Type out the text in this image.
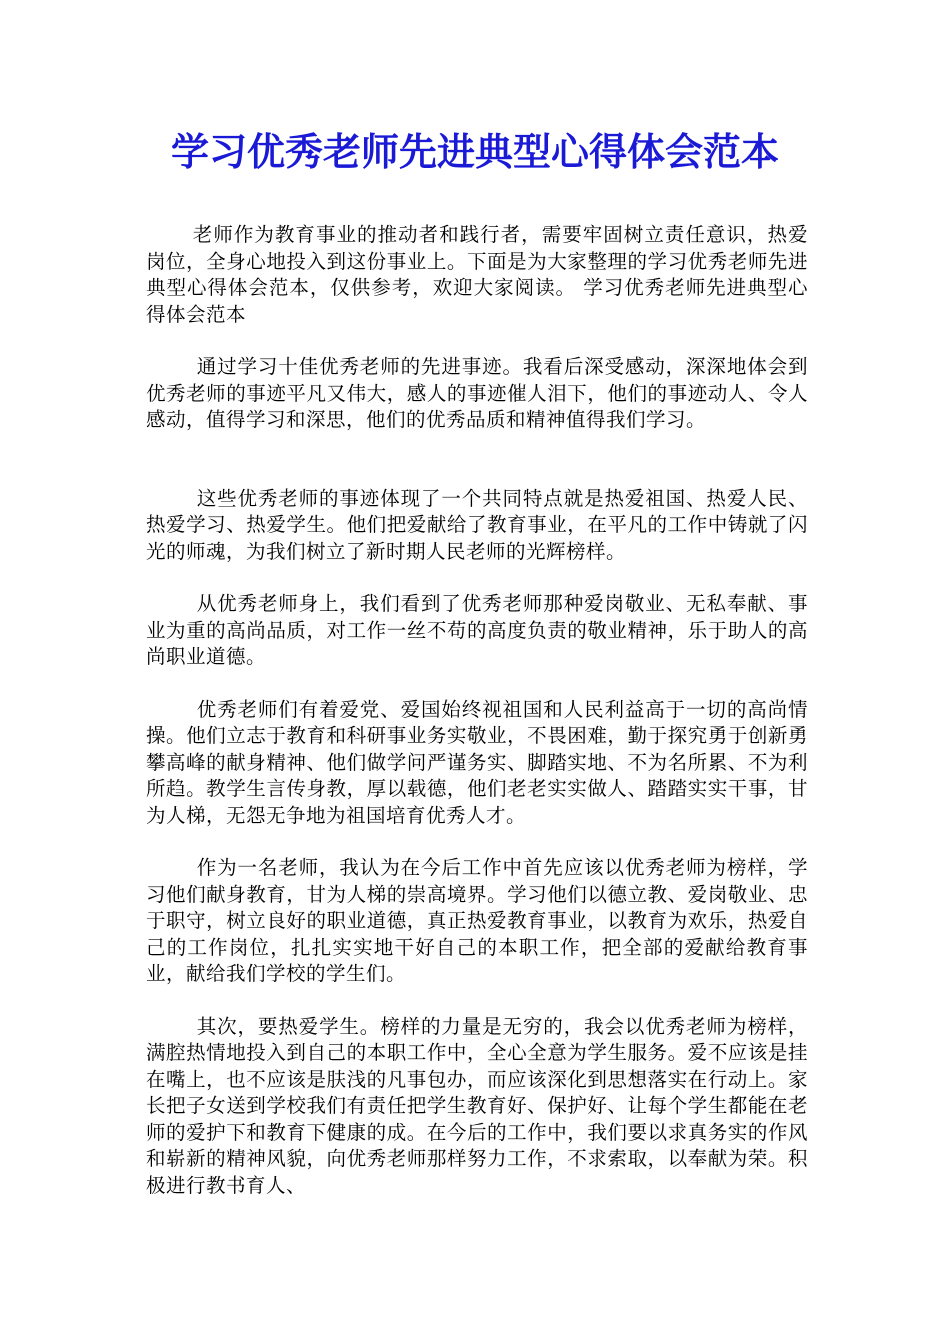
学习优秀老师先进典型心得体会范本

老师作为教育事业的推动者和践行者，需要牢固树立责任意识，热爱岗位，全身心地投入到这份事业上。下面是为大家整理的学习优秀老师先进典型心得体会范本，仅供参考，欢迎大家阅读。 学习优秀老师先进典型心得体会范本

通过学习十佳优秀老师的先进事迹。我看后深受感动，深深地体会到优秀老师的事迹平凡又伟大，感人的事迹催人泪下，他们的事迹动人、令人感动，值得学习和深思，他们的优秀品质和精神值得我们学习。

这些优秀老师的事迹体现了一个共同特点就是热爱祖国、热爱人民、热爱学习、热爱学生。他们把爱献给了教育事业，在平凡的工作中铸就了闪光的师魂，为我们树立了新时期人民老师的光辉榜样。

从优秀老师身上，我们看到了优秀老师那种爱岗敬业、无私奉献、事业为重的高尚品质，对工作一丝不苟的高度负责的敬业精神，乐于助人的高尚职业道德。

优秀老师们有着爱党、爱国始终视祖国和人民利益高于一切的高尚情操。他们立志于教育和科研事业务实敬业，不畏困难，勤于探究勇于创新勇攀高峰的献身精神、他们做学问严谨务实、脚踏实地、不为名所累、不为利所趋。教学生言传身教，厚以载德，他们老老实实做人、踏踏实实干事，甘为人梯，无怨无争地为祖国培育优秀人才。

作为一名老师，我认为在今后工作中首先应该以优秀老师为榜样，学习他们献身教育，甘为人梯的崇高境界。学习他们以德立教、爱岗敬业、忠于职守，树立良好的职业道德，真正热爱教育事业，以教育为欢乐，热爱自己的工作岗位，扎扎实实地干好自己的本职工作，把全部的爱献给教育事业，献给我们学校的学生们。

其次，要热爱学生。榜样的力量是无穷的，我会以优秀老师为榜样，满腔热情地投入到自己的本职工作中，全心全意为学生服务。爱不应该是挂在嘴上，也不应该是肤浅的凡事包办，而应该深化到思想落实在行动上。家长把子女送到学校我们有责任把学生教育好、保护好、让每个学生都能在老师的爱护下和教育下健康的成。在今后的工作中，我们要以求真务实的作风和崭新的精神风貌，向优秀老师那样努力工作，不求索取，以奉献为荣。积极进行教书育人、
